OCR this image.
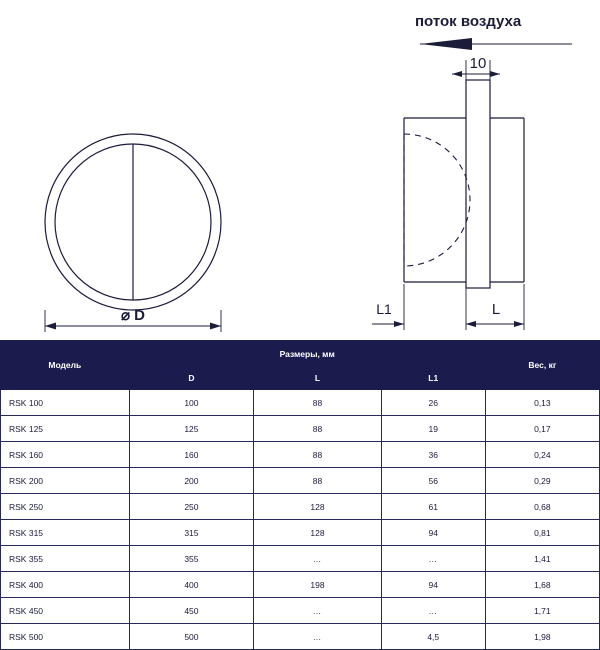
поток воздуха
10
L1	L
⌀ D
Модель	Размеры, мм			Вес, кг
	D	L	L1	
RSK 100	100	88	26	0,13
RSK 125	125	88	19	0,17
RSK 160	160	88	36	0,24
RSK 200	200	88	56	0,29
RSK 250	250	128	61	0,68
RSK 315	315	128	94	0,81
RSK 355	355	…	…	1,41
RSK 400	400	198	94	1,68
RSK 450	450	…	…	1,71
RSK 500	500	…	4,5	1,98
